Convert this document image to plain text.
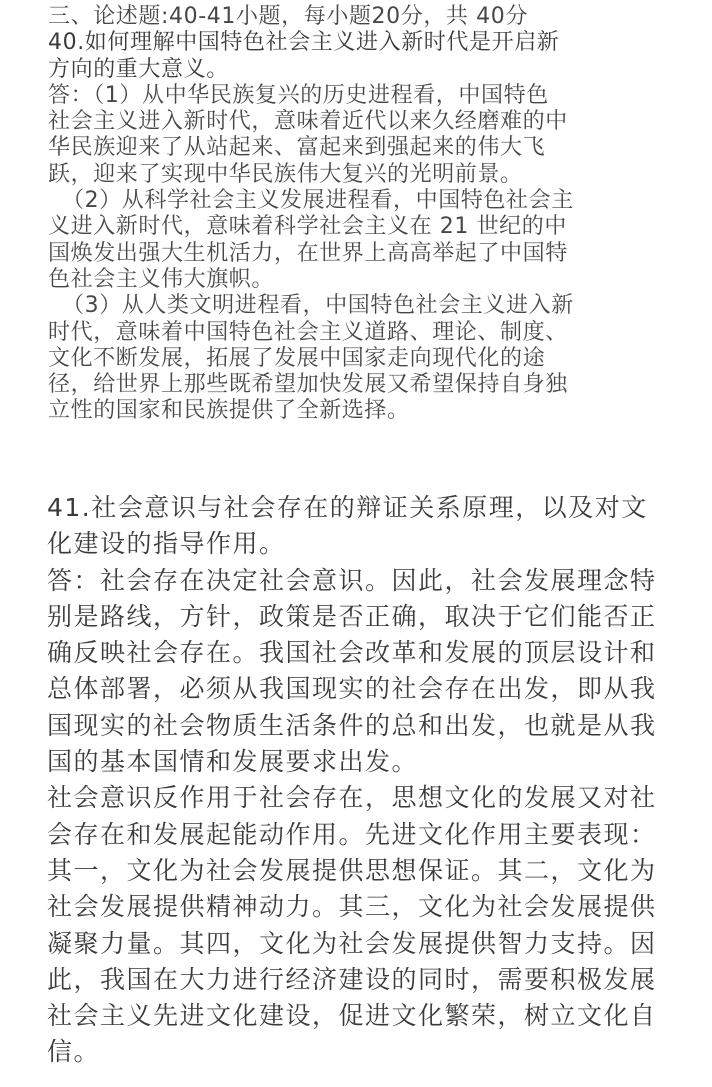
三、论述题:40-41小题，每小题20分，共 40分
40.如何理解中国特色社会主义进入新时代是开启新
方向的重大意义。
答：（1）从中华民族复兴的历史进程看，中国特色
社会主义进入新时代，意味着近代以来久经磨难的中
华民族迎来了从站起来、富起来到强起来的伟大飞
跃，迎来了实现中华民族伟大复兴的光明前景。
（2）从科学社会主义发展进程看，中国特色社会主
义进入新时代，意味着科学社会主义在 21 世纪的中
国焕发出强大生机活力，在世界上高高举起了中国特
色社会主义伟大旗帜。
（3）从人类文明进程看，中国特色社会主义进入新
时代，意味着中国特色社会主义道路、理论、制度、
文化不断发展，拓展了发展中国家走向现代化的途
径，给世界上那些既希望加快发展又希望保持自身独
立性的国家和民族提供了全新选择。
41.社会意识与社会存在的辩证关系原理，以及对文
化建设的指导作用。
答：社会存在决定社会意识。因此，社会发展理念特
别是路线，方针，政策是否正确，取决于它们能否正
确反映社会存在。我国社会改革和发展的顶层设计和
总体部署，必须从我国现实的社会存在出发，即从我
国现实的社会物质生活条件的总和出发，也就是从我
国的基本国情和发展要求出发。
社会意识反作用于社会存在，思想文化的发展又对社
会存在和发展起能动作用。先进文化作用主要表现：
其一，文化为社会发展提供思想保证。其二，文化为
社会发展提供精神动力。其三，文化为社会发展提供
凝聚力量。其四，文化为社会发展提供智力支持。因
此，我国在大力进行经济建设的同时，需要积极发展
社会主义先进文化建设，促进文化繁荣，树立文化自
信。
